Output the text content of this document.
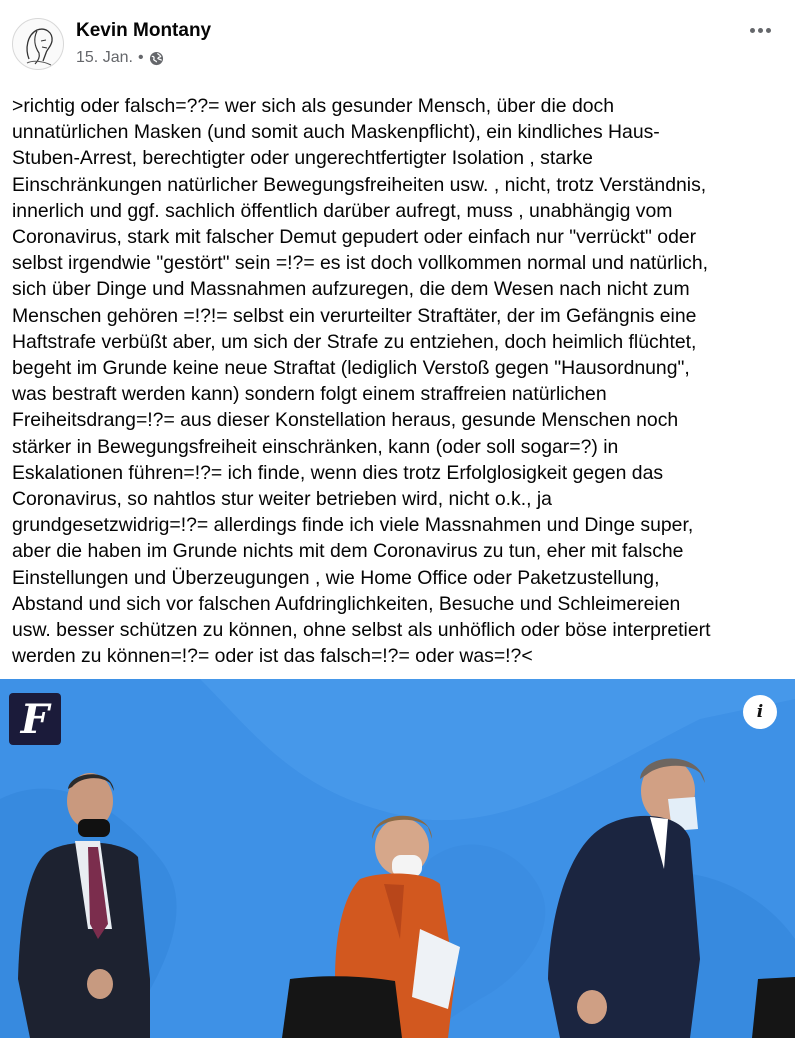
Kevin Montany
15. Jan. •
>richtig oder falsch=??= wer sich als gesunder Mensch, über die doch
unnatürlichen Masken (und somit auch Maskenpflicht), ein kindliches Haus-
Stuben-Arrest, berechtigter oder ungerechtfertigter Isolation , starke
Einschränkungen natürlicher Bewegungsfreiheiten usw. , nicht, trotz Verständnis,
innerlich und ggf. sachlich öffentlich darüber aufregt, muss , unabhängig vom
Coronavirus, stark mit falscher Demut gepudert oder einfach nur "verrückt" oder
selbst irgendwie "gestört" sein =!?= es ist doch vollkommen normal und natürlich,
sich über Dinge und Massnahmen aufzuregen, die dem Wesen nach nicht zum
Menschen gehören =!?!= selbst ein verurteilter Straftäter, der im Gefängnis eine
Haftstrafe verbüßt aber, um sich der Strafe zu entziehen, doch heimlich flüchtet,
begeht im Grunde keine neue Straftat (lediglich Verstoß gegen "Hausordnung",
was bestraft werden kann) sondern folgt einem straffreien natürlichen
Freiheitsdrang=!?= aus dieser Konstellation heraus, gesunde Menschen noch
stärker in Bewegungsfreiheit einschränken, kann (oder soll sogar=?) in
Eskalationen führen=!?= ich finde, wenn dies trotz Erfolglosigkeit gegen das
Coronavirus, so nahtlos stur weiter betrieben wird, nicht o.k., ja
grundgesetzwidrig=!?= allerdings finde ich viele Massnahmen und Dinge super,
aber die haben im Grunde nichts mit dem Coronavirus zu tun, eher mit falsche
Einstellungen und Überzeugungen , wie Home Office oder Paketzustellung,
Abstand und sich vor falschen Aufdringlichkeiten, Besuche und Schleimereien
usw. besser schützen zu können, ohne selbst als unhöflich oder böse interpretiert
werden zu können=!?= oder ist das falsch=!?= oder was=!?<
F	i
